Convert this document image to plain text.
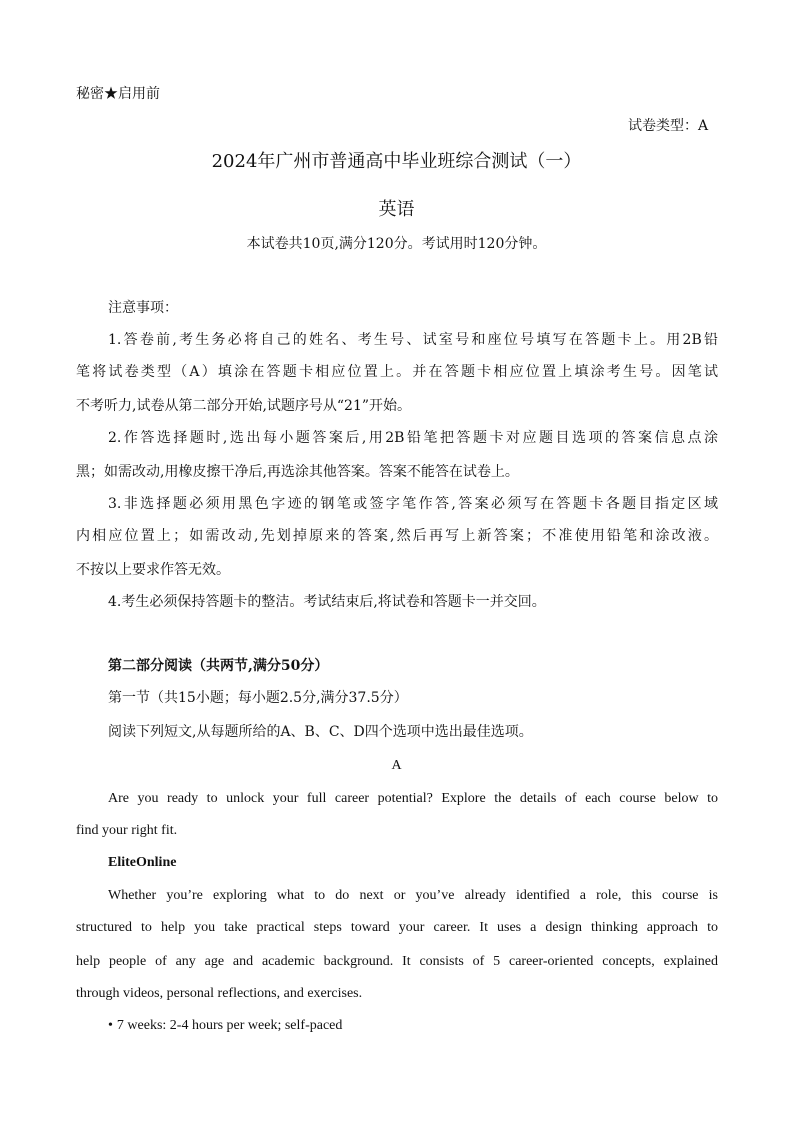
秘密★启用前
试卷类型：A
2024年广州市普通高中毕业班综合测试（一）
英语
本试卷共10页,满分120分。考试用时120分钟。
注意事项：
1.答卷前,考生务必将自己的姓名、考生号、试室号和座位号填写在答题卡上。用2B铅
笔将试卷类型（A）填涂在答题卡相应位置上。并在答题卡相应位置上填涂考生号。因笔试
不考听力,试卷从第二部分开始,试题序号从“21”开始。
2.作答选择题时,选出每小题答案后,用2B铅笔把答题卡对应题目选项的答案信息点涂
黑；如需改动,用橡皮擦干净后,再选涂其他答案。答案不能答在试卷上。
3.非选择题必须用黑色字迹的钢笔或签字笔作答,答案必须写在答题卡各题目指定区域
内相应位置上；如需改动,先划掉原来的答案,然后再写上新答案；不准使用铅笔和涂改液。
不按以上要求作答无效。
4.考生必须保持答题卡的整洁。考试结束后,将试卷和答题卡一并交回。
第二部分阅读（共两节,满分50分）
第一节（共15小题；每小题2.5分,满分37.5分）
阅读下列短文,从每题所给的A、B、C、D四个选项中选出最佳选项。
A
Are you ready to unlock your full career potential? Explore the details of each course below to
find your right fit.
EliteOnline
Whether you’re exploring what to do next or you’ve already identified a role, this course is
structured to help you take practical steps toward your career. It uses a design thinking approach to
help people of any age and academic background. It consists of 5 career-oriented concepts, explained
through videos, personal reflections, and exercises.
• 7 weeks: 2-4 hours per week; self-paced
